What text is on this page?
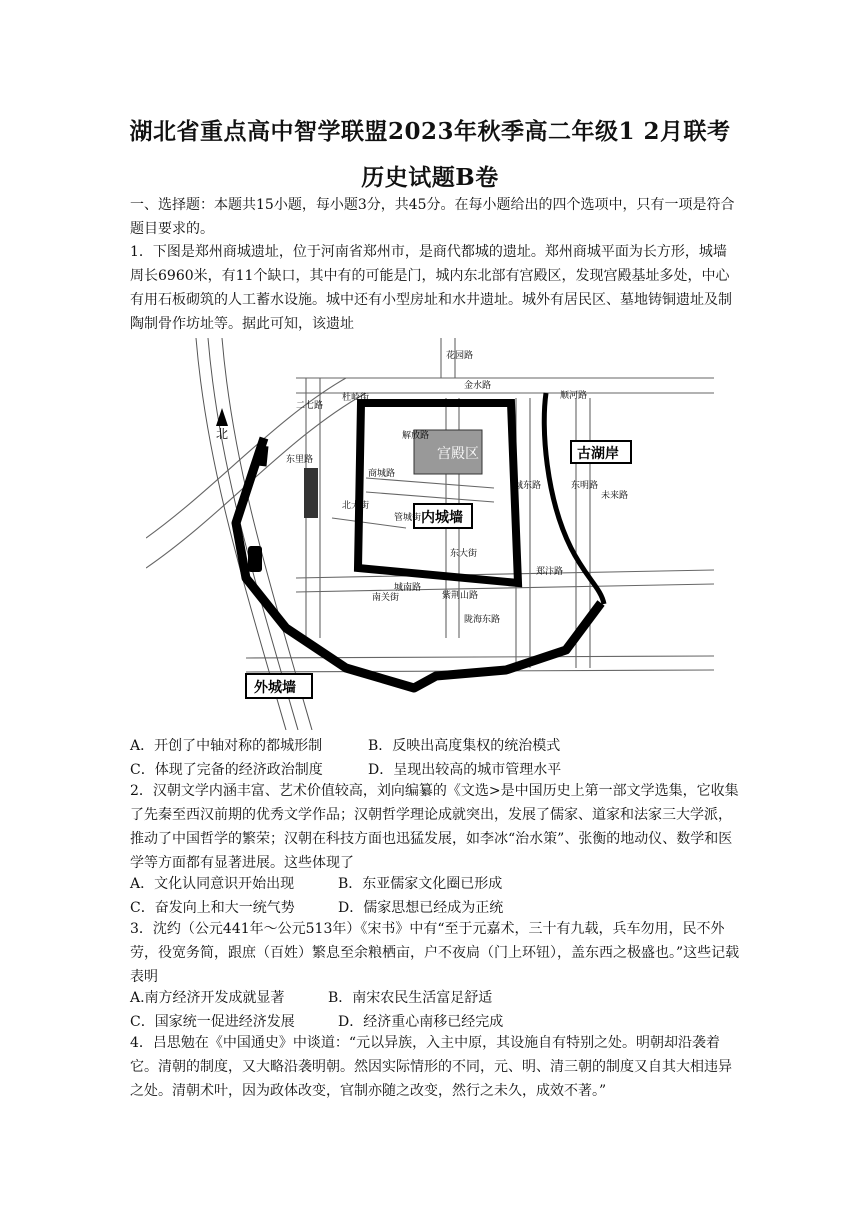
湖北省重点高中智学联盟2023年秋季高二年级1 2月联考
历史试题B卷
一、选择题：本题共15小题，每小题3分，共45分。在每小题给出的四个选项中，只有一项是符合题目要求的。
1．下图是郑州商城遗址，位于河南省郑州市，是商代都城的遗址。郑州商城平面为长方形，城墙周长6960米，有11个缺口，其中有的可能是门，城内东北部有宫殿区，发现宫殿基址多处，中心有用石板砌筑的人工蓄水设施。城中还有小型房址和水井遗址。城外有居民区、墓地铸铜遗址及制陶制骨作坊址等。据此可知，该遗址
宫殿区
北
内城墙
古湖岸
外城墙
花园路
金水路
二七路
杜岭街	顺河路
城东路	东明路
未来路
商城路
紫荆山路
东大街
郑汴路
城南路
陇海东路
南关街
管城街
北大街
解放路
东里路
A．开创了中轴对称的都城形制	B．反映出高度集权的统治模式
C．体现了完备的经济政治制度	D．呈现出较高的城市管理水平
2．汉朝文学内涵丰富、艺术价值较高，刘向编纂的《文选>是中国历史上第一部文学选集，它收集了先秦至西汉前期的优秀文学作品；汉朝哲学理论成就突出，发展了儒家、道家和法家三大学派，推动了中国哲学的繁荣；汉朝在科技方面也迅猛发展，如李冰“治水策”、张衡的地动仪、数学和医学等方面都有显著进展。这些体现了
A．文化认同意识开始出现	B．东亚儒家文化圈已形成
C．奋发向上和大一统气势	D．儒家思想已经成为正统
3．沈约（公元441年～公元513年）《宋书》中有“至于元嘉术，三十有九载，兵车勿用，民不外劳，役宽务简，跟庶（百姓）繁息至余粮栖亩，户不夜扃（门上环钮），盖东西之极盛也。”这些记载表明
A.南方经济开发成就显著	B．南宋农民生活富足舒适
C．国家统一促进经济发展	D．经济重心南移已经完成
4．吕思勉在《中国通史》中谈道：“元以异族，入主中原，其设施自有特别之处。明朝却沿袭着它。清朝的制度，又大略沿袭明朝。然因实际情形的不同，元、明、清三朝的制度又自其大相违异之处。清朝术叶，因为政体改变，官制亦随之改变，然行之未久，成效不著。”
